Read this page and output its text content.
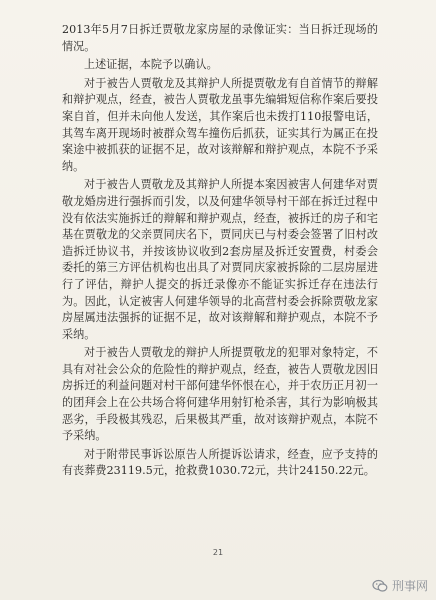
2013年5月7日拆迁贾敬龙家房屋的录像证实：当日拆迁现场的情况。

上述证据，本院予以确认。

对于被告人贾敬龙及其辩护人所提贾敬龙有自首情节的辩解和辩护观点，经查，被告人贾敬龙虽事先编辑短信称作案后要投案自首，但并未向他人发送，其作案后也未拨打110报警电话，其驾车离开现场时被群众驾车撞伤后抓获，证实其行为属正在投案途中被抓获的证据不足，故对该辩解和辩护观点，本院不予采纳。

对于被告人贾敬龙及其辩护人所提本案因被害人何建华对贾敬龙婚房进行强拆而引发，以及何建华领导村干部在拆迁过程中没有依法实施拆迁的辩解和辩护观点，经查，被拆迁的房子和宅基在贾敬龙的父亲贾同庆名下，贾同庆已与村委会签署了旧村改造拆迁协议书，并按该协议收到2套房屋及拆迁安置费，村委会委托的第三方评估机构也出具了对贾同庆家被拆除的二层房屋进行了评估，辩护人提交的拆迁录像亦不能证实拆迁存在违法行为。因此，认定被害人何建华领导的北高营村委会拆除贾敬龙家房屋属违法强拆的证据不足，故对该辩解和辩护观点，本院不予采纳。

对于被告人贾敬龙的辩护人所提贾敬龙的犯罪对象特定，不具有对社会公众的危险性的辩护观点，经查，被告人贾敬龙因旧房拆迁的利益问题对村干部何建华怀恨在心，并于农历正月初一的团拜会上在公共场合将何建华用射钉枪杀害，其行为影响极其恶劣，手段极其残忍，后果极其严重，故对该辩护观点，本院不予采纳。

对于附带民事诉讼原告人所提诉讼请求，经查，应予支持的有丧葬费23119.5元，抢救费1030.72元，共计24150.22元。

21
刑事网
